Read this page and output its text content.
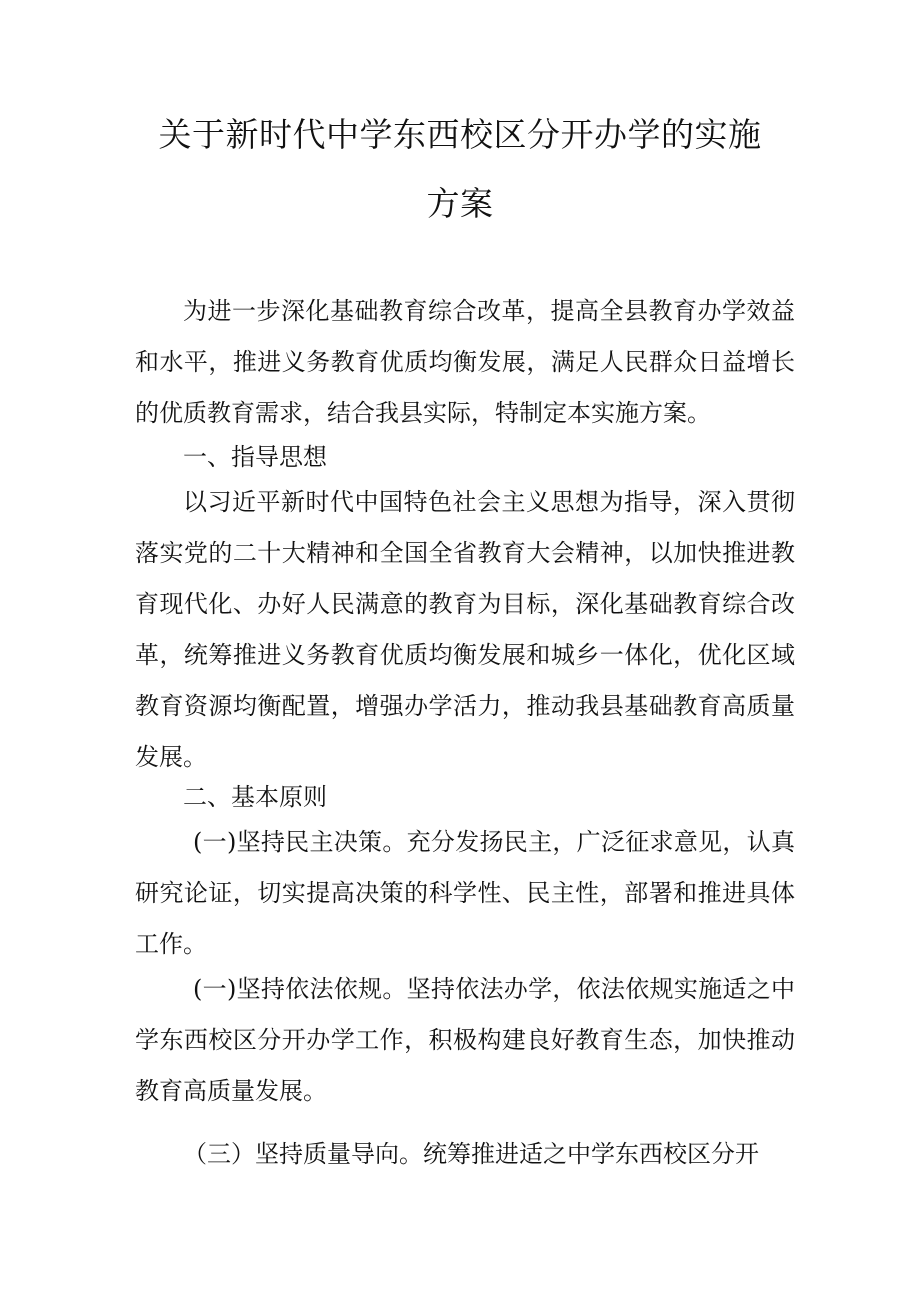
关于新时代中学东西校区分开办学的实施
方案

为进一步深化基础教育综合改革，提高全县教育办学效益和水平，推进义务教育优质均衡发展，满足人民群众日益增长的优质教育需求，结合我县实际，特制定本实施方案。

一、指导思想

以习近平新时代中国特色社会主义思想为指导，深入贯彻落实党的二十大精神和全国全省教育大会精神，以加快推进教育现代化、办好人民满意的教育为目标，深化基础教育综合改革，统筹推进义务教育优质均衡发展和城乡一体化，优化区域教育资源均衡配置，增强办学活力，推动我县基础教育高质量发展。

二、基本原则

(一)坚持民主决策。充分发扬民主，广泛征求意见，认真研究论证，切实提高决策的科学性、民主性，部署和推进具体工作。

(一)坚持依法依规。坚持依法办学，依法依规实施适之中学东西校区分开办学工作，积极构建良好教育生态，加快推动教育高质量发展。

（三）坚持质量导向。统筹推进适之中学东西校区分开
